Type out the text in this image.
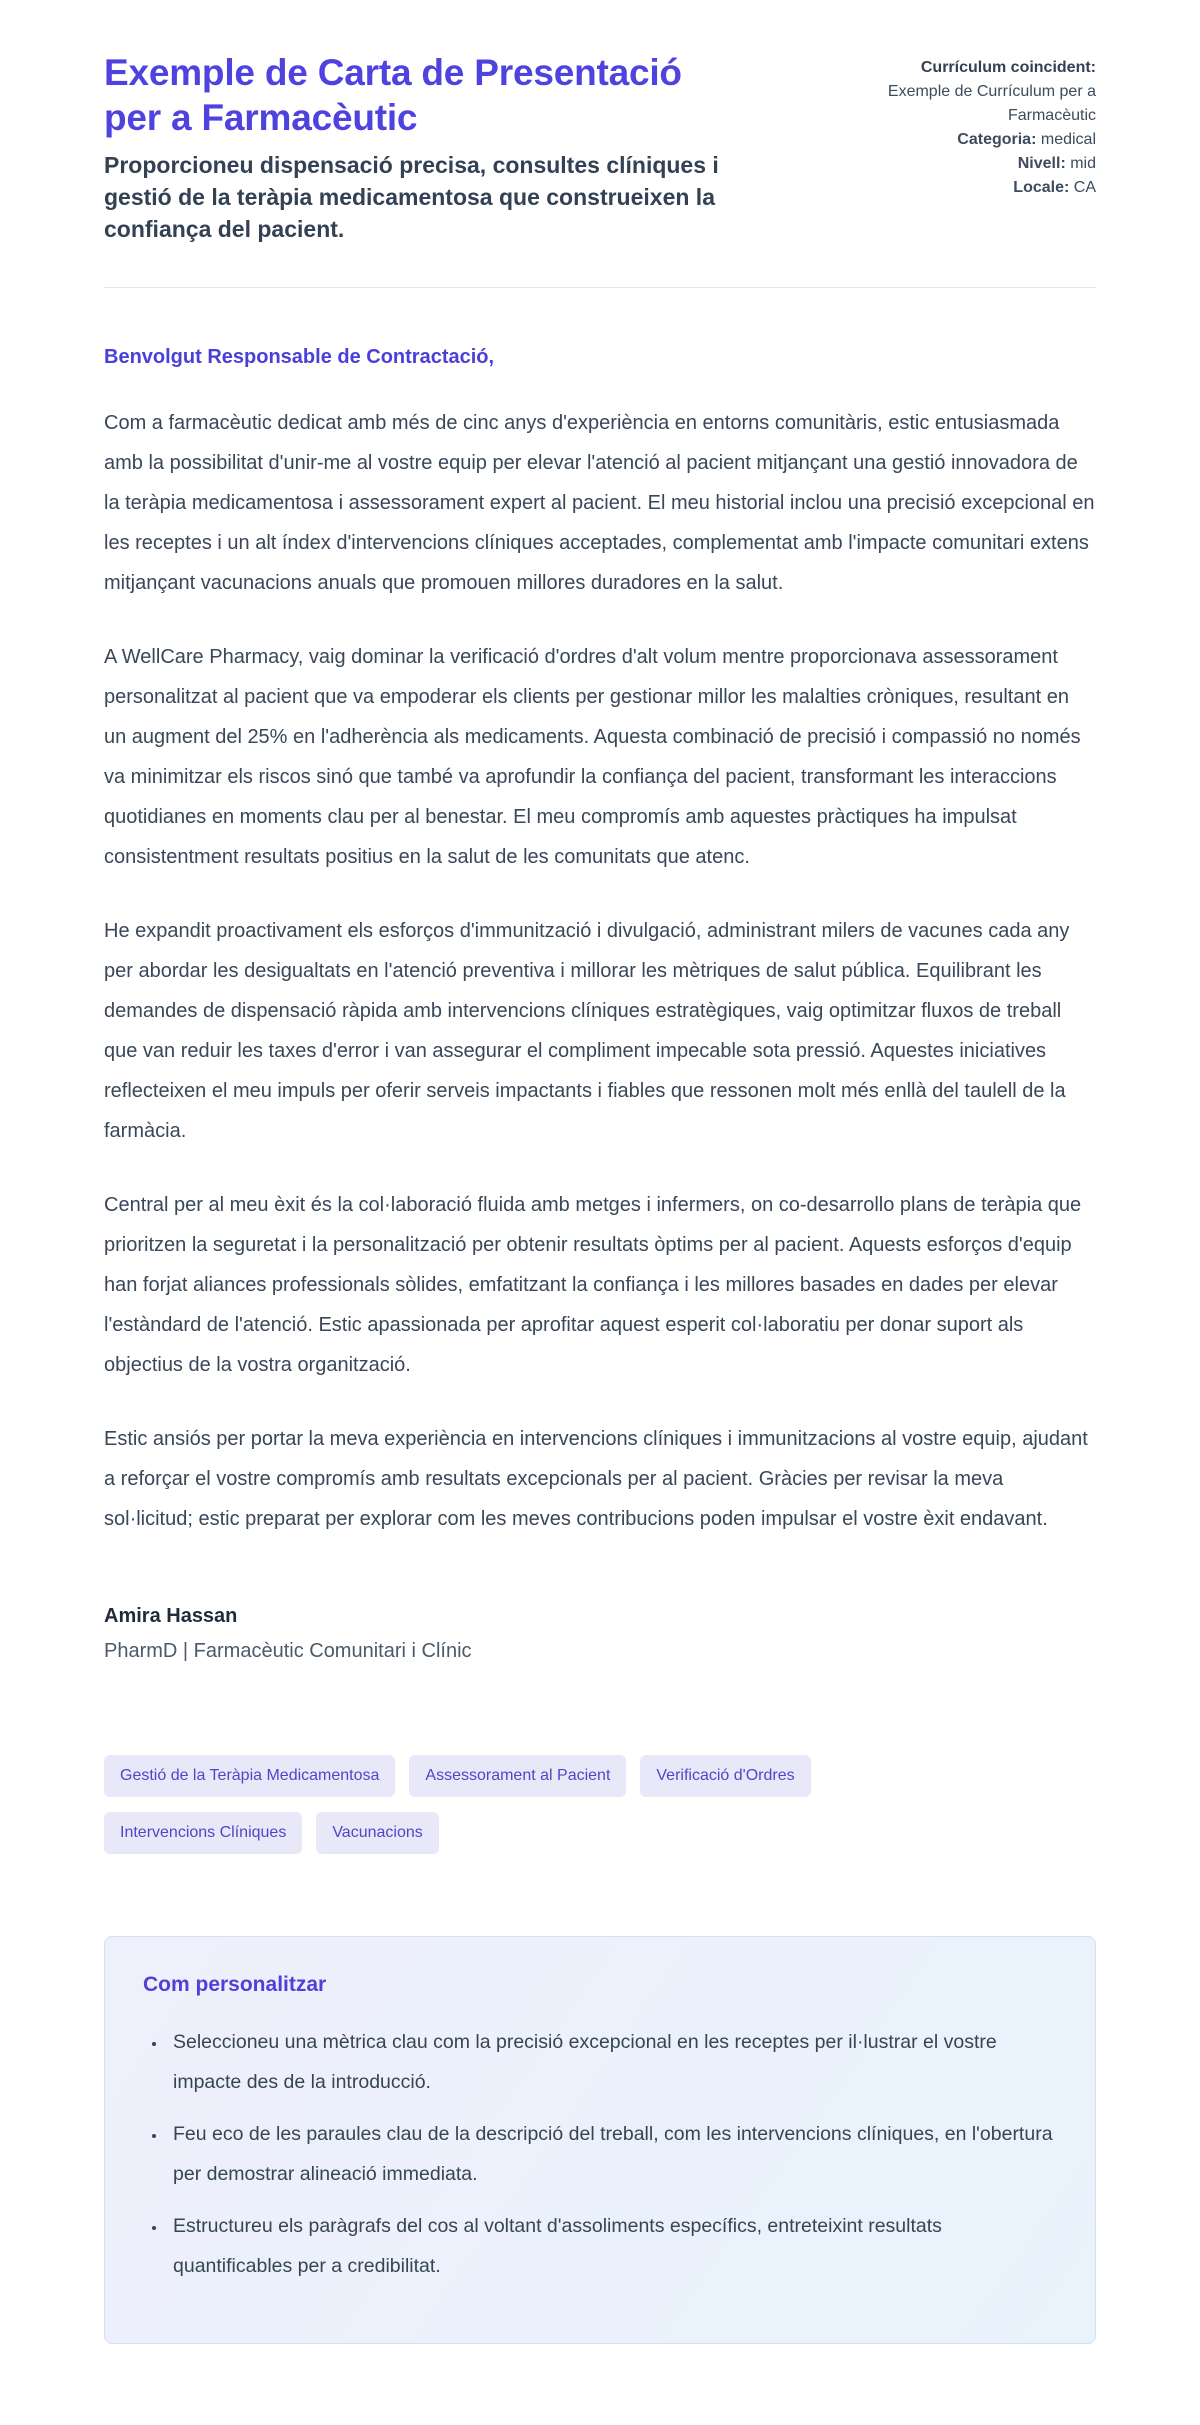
Exemple de Carta de Presentació per a Farmacèutic
Proporcioneu dispensació precisa, consultes clíniques i gestió de la teràpia medicamentosa que construeixen la confiança del pacient.
Currículum coincident:
Exemple de Currículum per a Farmacèutic
Categoria: medical
Nivell: mid
Locale: CA
Benvolgut Responsable de Contractació,

Com a farmacèutic dedicat amb més de cinc anys d'experiència en entorns comunitàris, estic entusiasmada amb la possibilitat d'unir-me al vostre equip per elevar l'atenció al pacient mitjançant una gestió innovadora de la teràpia medicamentosa i assessorament expert al pacient. El meu historial inclou una precisió excepcional en les receptes i un alt índex d'intervencions clíniques acceptades, complementat amb l'impacte comunitari extens mitjançant vacunacions anuals que promouen millores duradores en la salut.

A WellCare Pharmacy, vaig dominar la verificació d'ordres d'alt volum mentre proporcionava assessorament personalitzat al pacient que va empoderar els clients per gestionar millor les malalties cròniques, resultant en un augment del 25% en l'adherència als medicaments. Aquesta combinació de precisió i compassió no només va minimitzar els riscos sinó que també va aprofundir la confiança del pacient, transformant les interaccions quotidianes en moments clau per al benestar. El meu compromís amb aquestes pràctiques ha impulsat consistentment resultats positius en la salut de les comunitats que atenc.

He expandit proactivament els esforços d'immunització i divulgació, administrant milers de vacunes cada any per abordar les desigualtats en l'atenció preventiva i millorar les mètriques de salut pública. Equilibrant les demandes de dispensació ràpida amb intervencions clíniques estratègiques, vaig optimitzar fluxos de treball que van reduir les taxes d'error i van assegurar el compliment impecable sota pressió. Aquestes iniciatives reflecteixen el meu impuls per oferir serveis impactants i fiables que ressonen molt més enllà del taulell de la farmàcia.

Central per al meu èxit és la col·laboració fluida amb metges i infermers, on co-desarrollo plans de teràpia que prioritzen la seguretat i la personalització per obtenir resultats òptims per al pacient. Aquests esforços d'equip han forjat aliances professionals sòlides, emfatitzant la confiança i les millores basades en dades per elevar l'estàndard de l'atenció. Estic apassionada per aprofitar aquest esperit col·laboratiu per donar suport als objectius de la vostra organització.

Estic ansiós per portar la meva experiència en intervencions clíniques i immunitzacions al vostre equip, ajudant a reforçar el vostre compromís amb resultats excepcionals per al pacient. Gràcies per revisar la meva sol·licitud; estic preparat per explorar com les meves contribucions poden impulsar el vostre èxit endavant.

Amira Hassan
PharmD | Farmacèutic Comunitari i Clínic
Gestió de la Teràpia Medicamentosa	Assessorament al Pacient	Verificació d'Ordres
Intervencions Clíniques	Vacunacions
Com personalitzar
• Seleccioneu una mètrica clau com la precisió excepcional en les receptes per il·lustrar el vostre impacte des de la introducció.
• Feu eco de les paraules clau de la descripció del treball, com les intervencions clíniques, en l'obertura per demostrar alineació immediata.
• Estructureu els paràgrafs del cos al voltant d'assoliments específics, entreteixint resultats quantificables per a credibilitat.
